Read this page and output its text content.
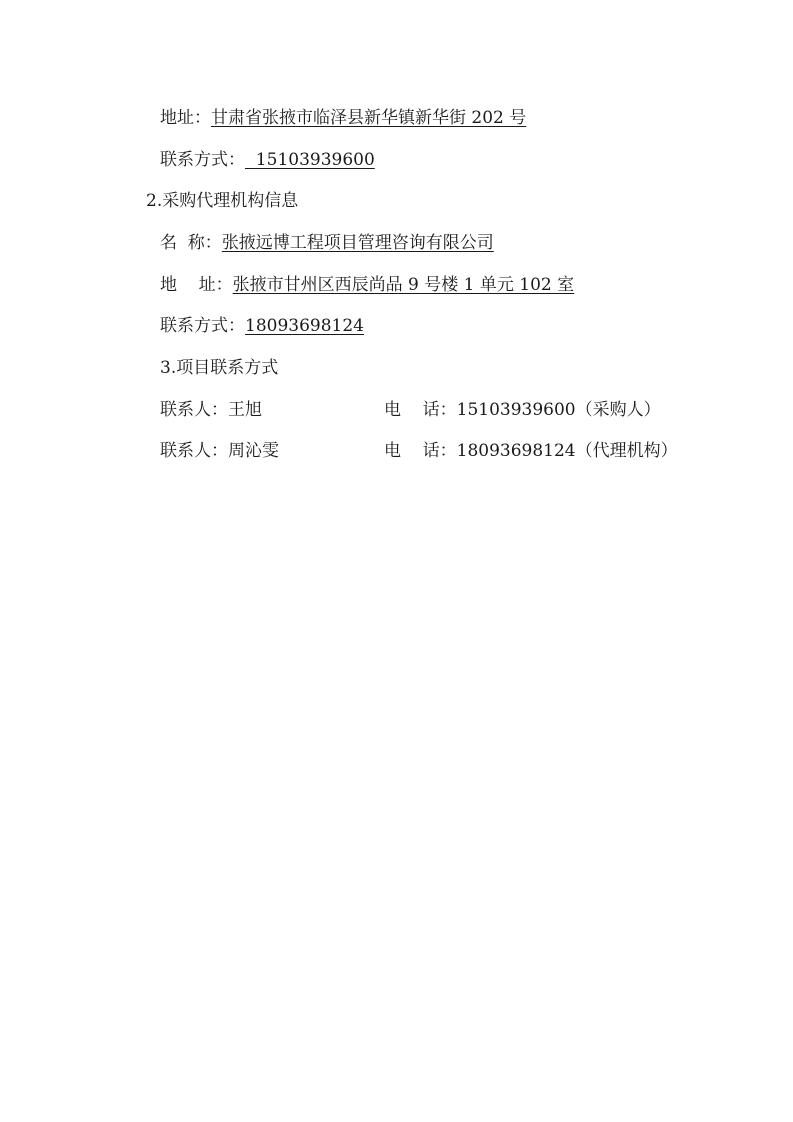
地址：甘肃省张掖市临泽县新华镇新华街 202 号
联系方式：  15103939600
2.采购代理机构信息
名  称：张掖远博工程项目管理咨询有限公司
地    址：张掖市甘州区西辰尚品 9 号楼 1 单元 102 室
联系方式：18093698124
3.项目联系方式
联系人：王旭	电    话：15103939600（采购人）
联系人：周沁雯	电    话：18093698124（代理机构）
